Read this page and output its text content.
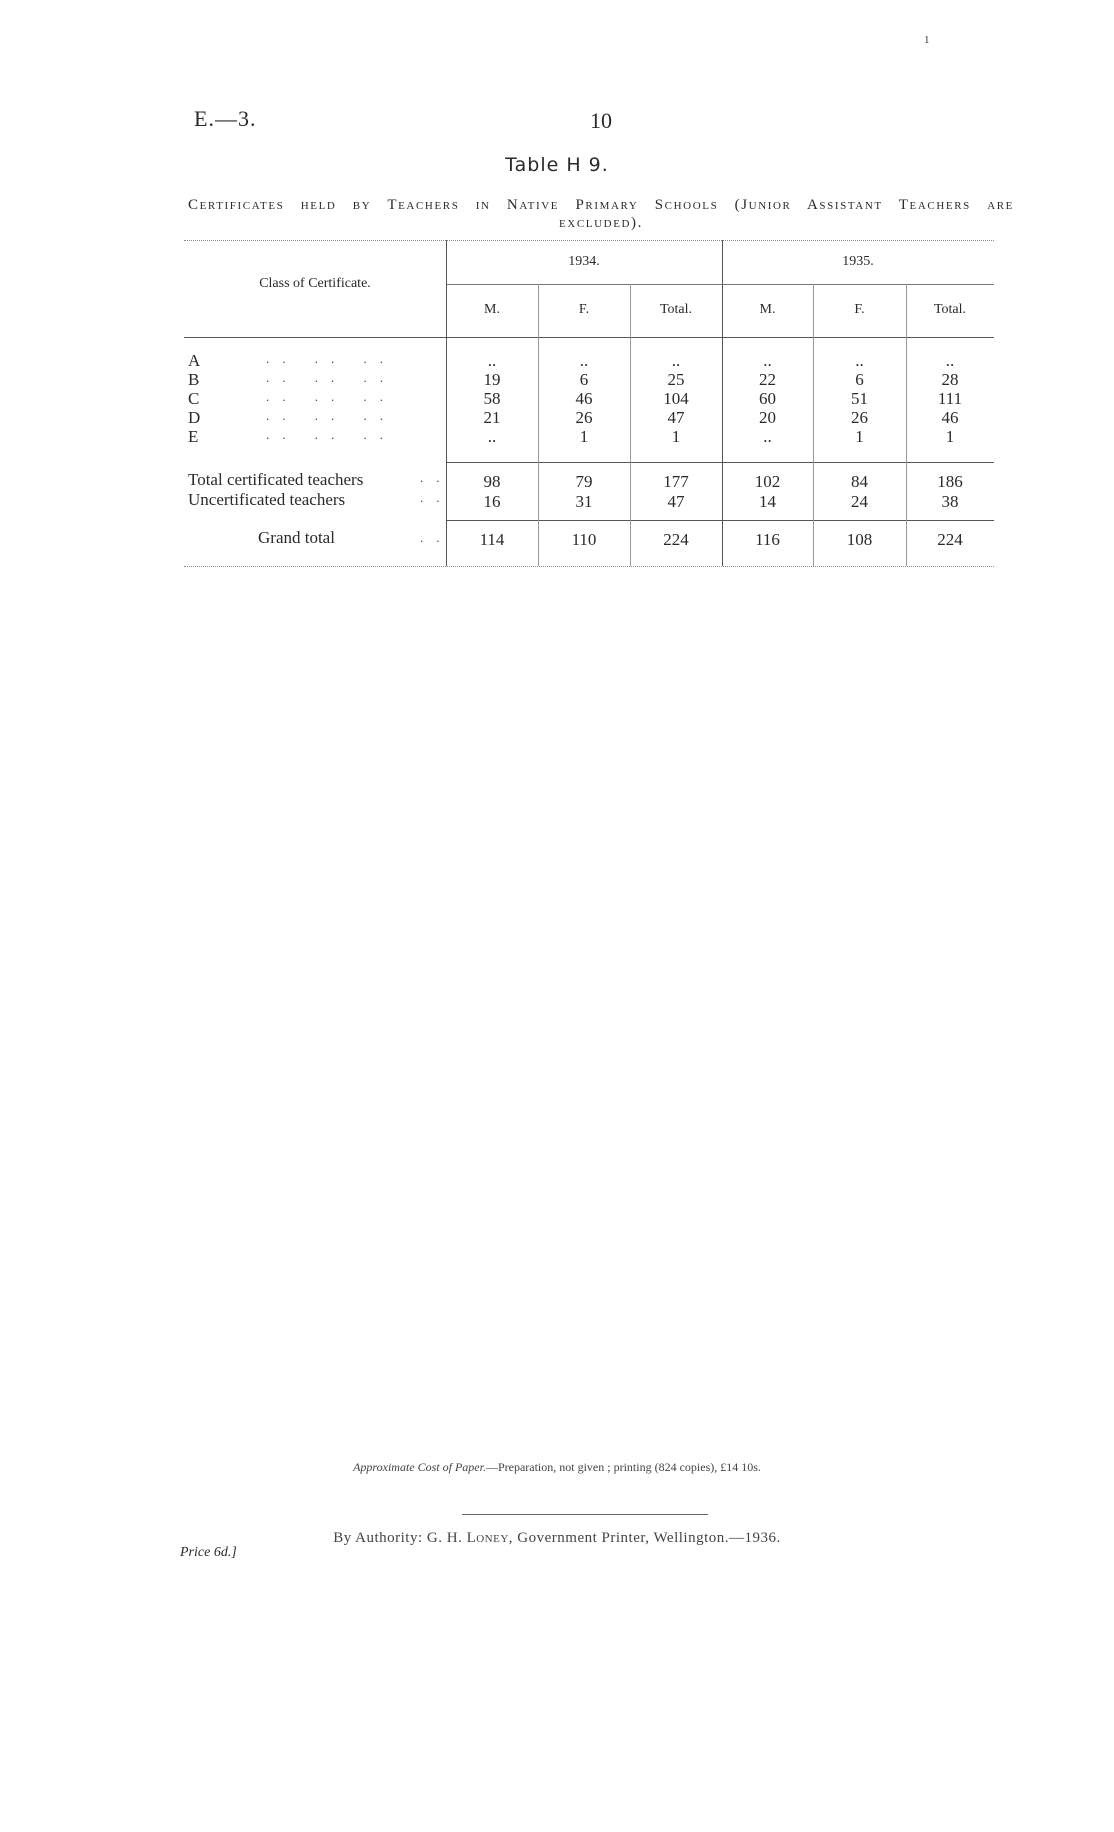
1
E.—3.	10
Table H 9.
Certificates held by Teachers in Native Primary Schools (Junior Assistant Teachers are
excluded).
Class of Certificate.
1934.	1935.
M.	F.	Total.	M.	F.	Total.
A	.. .. ..	..	..	..	..	..	..
B	.. .. ..	19	6	25	22	6	28
C	.. .. ..	58	46	104	60	51	111
D	.. .. ..	21	26	47	20	26	46
E	.. .. ..	..	1	1	..	1	1
Total certificated teachers	..	98	79	177	102	84	186
Uncertificated teachers	..	16	31	47	14	24	38
Grand total	..	114	110	224	116	108	224
Approximate Cost of Paper.—Preparation, not given ; printing (824 copies), £14 10s.
Price 6d.]
By Authority: G. H. Loney, Government Printer, Wellington.—1936.
